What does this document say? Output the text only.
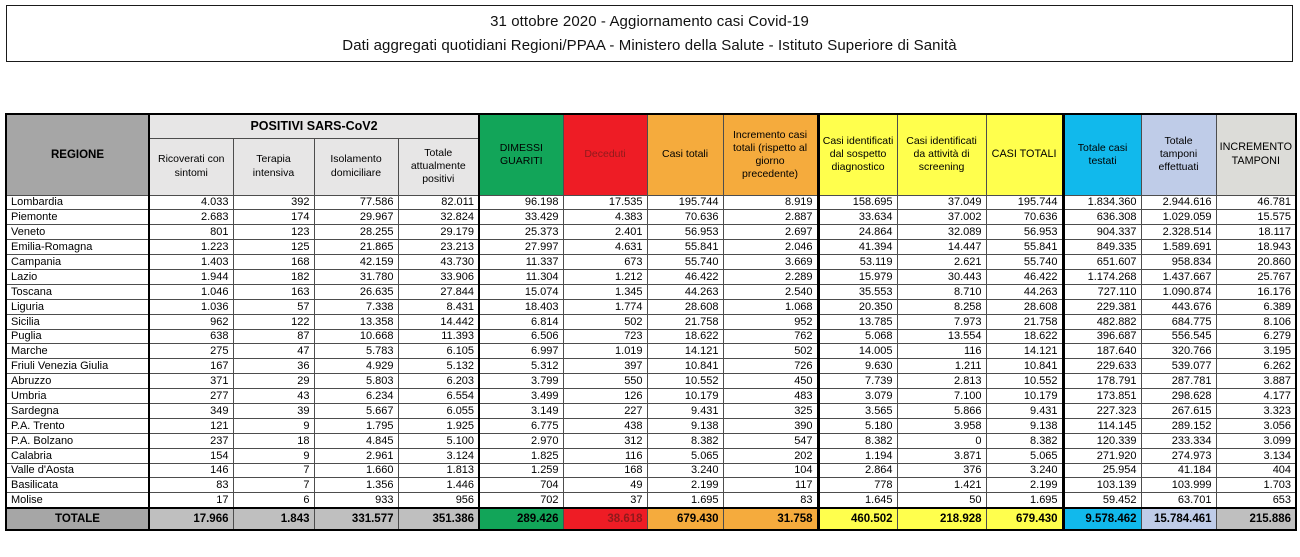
31 ottobre 2020 - Aggiornamento casi Covid-19
Dati aggregati quotidiani Regioni/PPAA - Ministero della Salute - Istituto Superiore di Sanità
REGIONE	POSITIVI SARS-CoV2				DIMESSI GUARITI	Deceduti	Casi totali	Incremento casi totali (rispetto al giorno precedente)	Casi identificati dal sospetto diagnostico	Casi identificati da attività di screening	CASI TOTALI	Totale casi testati	Totale tamponi effettuati	INCREMENTO TAMPONI
	Ricoverati con sintomi	Terapia intensiva	Isolamento domiciliare	Totale attualmente positivi										
Lombardia	4.033	392	77.586	82.011	96.198	17.535	195.744	8.919	158.695	37.049	195.744	1.834.360	2.944.616	46.781
Piemonte	2.683	174	29.967	32.824	33.429	4.383	70.636	2.887	33.634	37.002	70.636	636.308	1.029.059	15.575
Veneto	801	123	28.255	29.179	25.373	2.401	56.953	2.697	24.864	32.089	56.953	904.337	2.328.514	18.117
Emilia-Romagna	1.223	125	21.865	23.213	27.997	4.631	55.841	2.046	41.394	14.447	55.841	849.335	1.589.691	18.943
Campania	1.403	168	42.159	43.730	11.337	673	55.740	3.669	53.119	2.621	55.740	651.607	958.834	20.860
Lazio	1.944	182	31.780	33.906	11.304	1.212	46.422	2.289	15.979	30.443	46.422	1.174.268	1.437.667	25.767
Toscana	1.046	163	26.635	27.844	15.074	1.345	44.263	2.540	35.553	8.710	44.263	727.110	1.090.874	16.176
Liguria	1.036	57	7.338	8.431	18.403	1.774	28.608	1.068	20.350	8.258	28.608	229.381	443.676	6.389
Sicilia	962	122	13.358	14.442	6.814	502	21.758	952	13.785	7.973	21.758	482.882	684.775	8.106
Puglia	638	87	10.668	11.393	6.506	723	18.622	762	5.068	13.554	18.622	396.687	556.545	6.279
Marche	275	47	5.783	6.105	6.997	1.019	14.121	502	14.005	116	14.121	187.640	320.766	3.195
Friuli Venezia Giulia	167	36	4.929	5.132	5.312	397	10.841	726	9.630	1.211	10.841	229.633	539.077	6.262
Abruzzo	371	29	5.803	6.203	3.799	550	10.552	450	7.739	2.813	10.552	178.791	287.781	3.887
Umbria	277	43	6.234	6.554	3.499	126	10.179	483	3.079	7.100	10.179	173.851	298.628	4.177
Sardegna	349	39	5.667	6.055	3.149	227	9.431	325	3.565	5.866	9.431	227.323	267.615	3.323
P.A. Trento	121	9	1.795	1.925	6.775	438	9.138	390	5.180	3.958	9.138	114.145	289.152	3.056
P.A. Bolzano	237	18	4.845	5.100	2.970	312	8.382	547	8.382	0	8.382	120.339	233.334	3.099
Calabria	154	9	2.961	3.124	1.825	116	5.065	202	1.194	3.871	5.065	271.920	274.973	3.134
Valle d'Aosta	146	7	1.660	1.813	1.259	168	3.240	104	2.864	376	3.240	25.954	41.184	404
Basilicata	83	7	1.356	1.446	704	49	2.199	117	778	1.421	2.199	103.139	103.999	1.703
Molise	17	6	933	956	702	37	1.695	83	1.645	50	1.695	59.452	63.701	653
TOTALE	17.966	1.843	331.577	351.386	289.426	38.618	679.430	31.758	460.502	218.928	679.430	9.578.462	15.784.461	215.886
